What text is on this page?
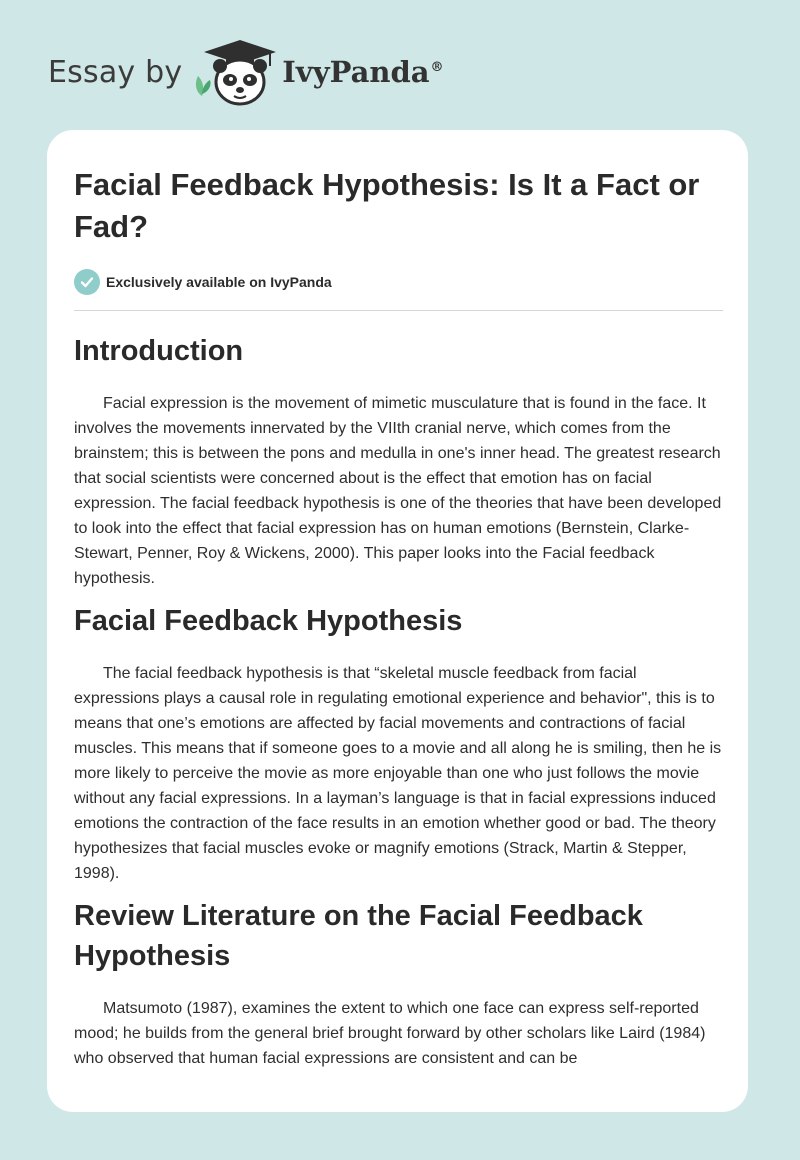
Essay by	IvyPanda®
Facial Feedback Hypothesis: Is It a Fact or Fad?
Exclusively available on IvyPanda
Introduction

Facial expression is the movement of mimetic musculature that is found in the face. It involves the movements innervated by the VIIth cranial nerve, which comes from the brainstem; this is between the pons and medulla in one's inner head. The greatest research that social scientists were concerned about is the effect that emotion has on facial expression. The facial feedback hypothesis is one of the theories that have been developed to look into the effect that facial expression has on human emotions (Bernstein, Clarke-Stewart, Penner, Roy & Wickens, 2000). This paper looks into the Facial feedback hypothesis.

Facial Feedback Hypothesis

The facial feedback hypothesis is that “skeletal muscle feedback from facial expressions plays a causal role in regulating emotional experience and behavior", this is to means that one’s emotions are affected by facial movements and contractions of facial muscles. This means that if someone goes to a movie and all along he is smiling, then he is more likely to perceive the movie as more enjoyable than one who just follows the movie without any facial expressions. In a layman’s language is that in facial expressions induced emotions the contraction of the face results in an emotion whether good or bad. The theory hypothesizes that facial muscles evoke or magnify emotions (Strack, Martin & Stepper, 1998).

Review Literature on the Facial Feedback Hypothesis

Matsumoto (1987), examines the extent to which one face can express self-reported mood; he builds from the general brief brought forward by other scholars like Laird (1984) who observed that human facial expressions are consistent and can be
